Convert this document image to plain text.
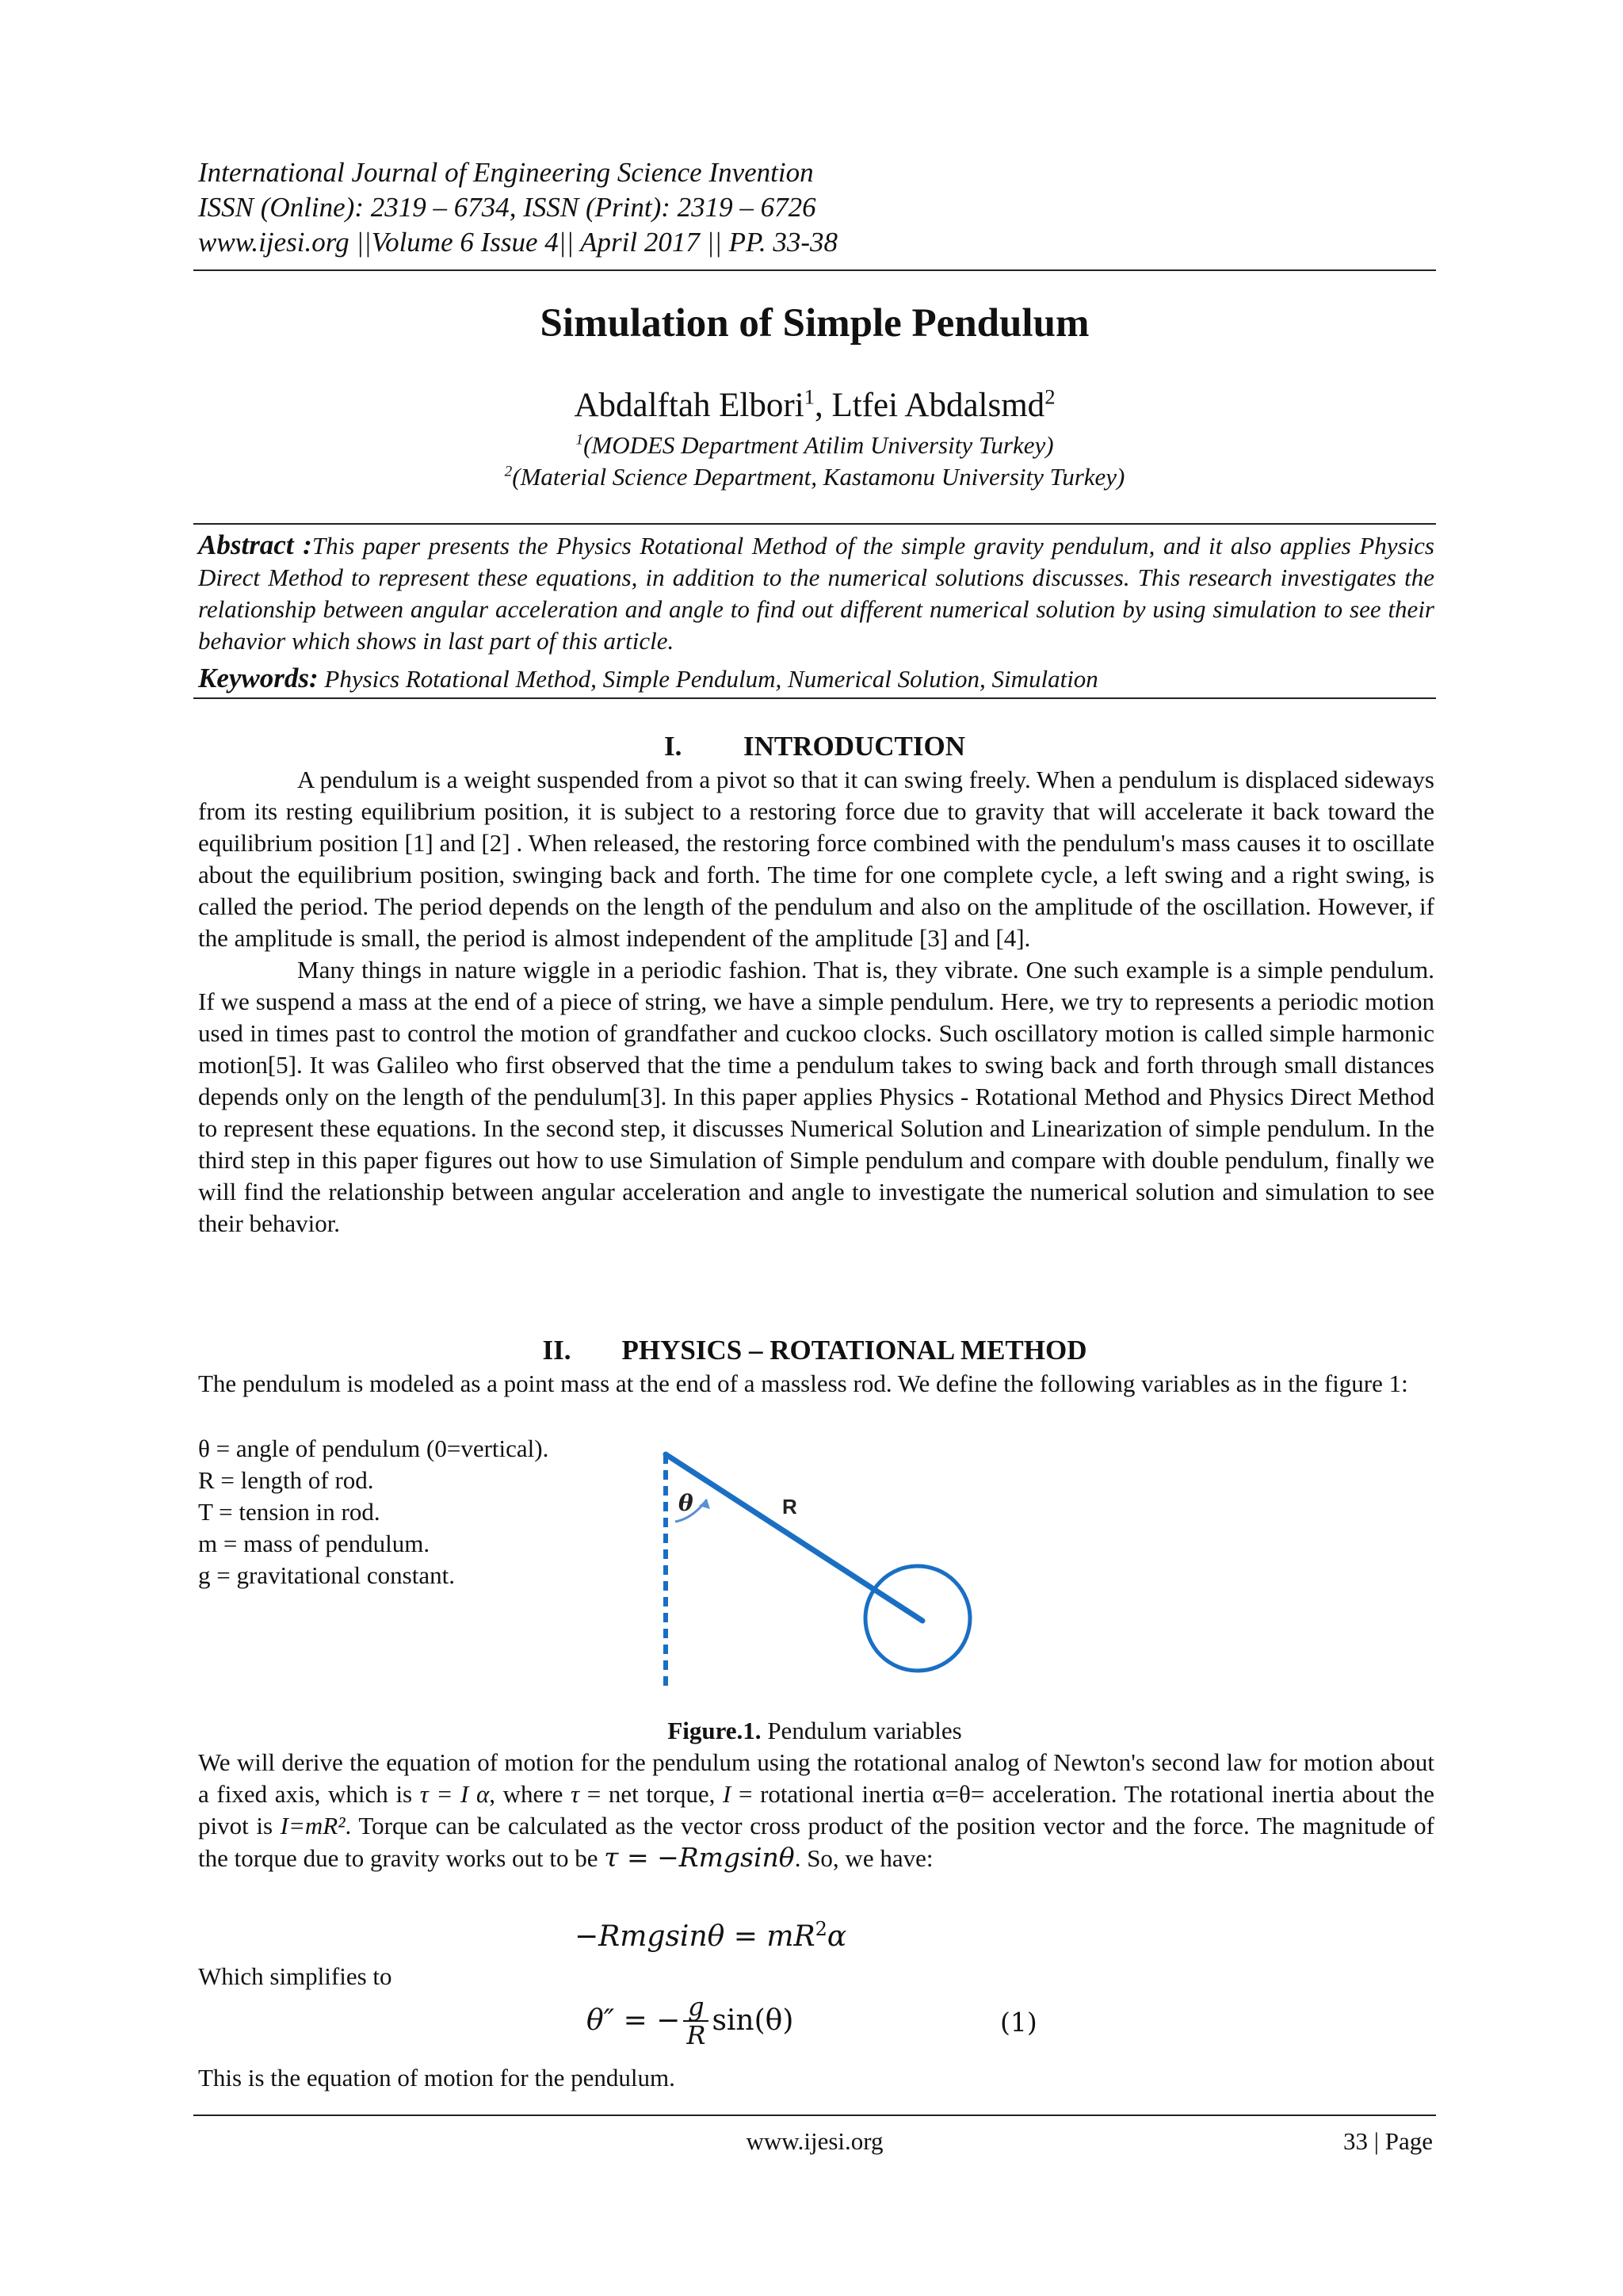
International Journal of Engineering Science Invention
ISSN (Online): 2319 – 6734, ISSN (Print): 2319 – 6726
www.ijesi.org ||Volume 6 Issue 4|| April 2017 || PP. 33-38
Simulation of Simple Pendulum
Abdalftah Elbori$^1$, Ltfei Abdalsmd$^2$
$^1$(MODES Department Atilim University Turkey)
$^2$(Material Science Department, Kastamonu University Turkey)
Abstract :This paper presents the Physics Rotational Method of the simple gravity pendulum, and it also applies Physics Direct Method to represent these equations, in addition to the numerical solutions discusses. This research investigates the relationship between angular acceleration and angle to find out different numerical solution by using simulation to see their behavior which shows in last part of this article.
Keywords: Physics Rotational Method, Simple Pendulum, Numerical Solution, Simulation
I. INTRODUCTION

A pendulum is a weight suspended from a pivot so that it can swing freely. When a pendulum is displaced sideways from its resting equilibrium position, it is subject to a restoring force due to gravity that will accelerate it back toward the equilibrium position [1] and [2] . When released, the restoring force combined with the pendulum's mass causes it to oscillate about the equilibrium position, swinging back and forth. The time for one complete cycle, a left swing and a right swing, is called the period. The period depends on the length of the pendulum and also on the amplitude of the oscillation. However, if the amplitude is small, the period is almost independent of the amplitude [3] and [4].

Many things in nature wiggle in a periodic fashion. That is, they vibrate. One such example is a simple pendulum. If we suspend a mass at the end of a piece of string, we have a simple pendulum. Here, we try to represents a periodic motion used in times past to control the motion of grandfather and cuckoo clocks. Such oscillatory motion is called simple harmonic motion[5]. It was Galileo who first observed that the time a pendulum takes to swing back and forth through small distances depends only on the length of the pendulum[3]. In this paper applies Physics - Rotational Method and Physics Direct Method to represent these equations. In the second step, it discusses Numerical Solution and Linearization of simple pendulum. In the third step in this paper figures out how to use Simulation of Simple pendulum and compare with double pendulum, finally we will find the relationship between angular acceleration and angle to investigate the numerical solution and simulation to see their behavior.

II. PHYSICS – ROTATIONAL METHOD
The pendulum is modeled as a point mass at the end of a massless rod. We define the following variables as in the figure 1:
θ = angle of pendulum (0=vertical).
R = length of rod.
T = tension in rod.
m = mass of pendulum.
g = gravitational constant.
θ	R
Figure.1. Pendulum variables

We will derive the equation of motion for the pendulum using the rotational analog of Newton's second law for motion about a fixed axis, which is τ = I α, where τ = net torque, I = rotational inertia α=θ= acceleration. The rotational inertia about the pivot is I=mR². Torque can be calculated as the vector cross product of the position vector and the force. The magnitude of the torque due to gravity works out to be τ = −Rmgsinθ. So, we have:

$-Rmgsin\theta = mR^2\alpha$
Which simplifies to
θ″ = − $\frac{g}{R} \sin(\theta)$	(1)
This is the equation of motion for the pendulum.
www.ijesi.org	33 | Page
